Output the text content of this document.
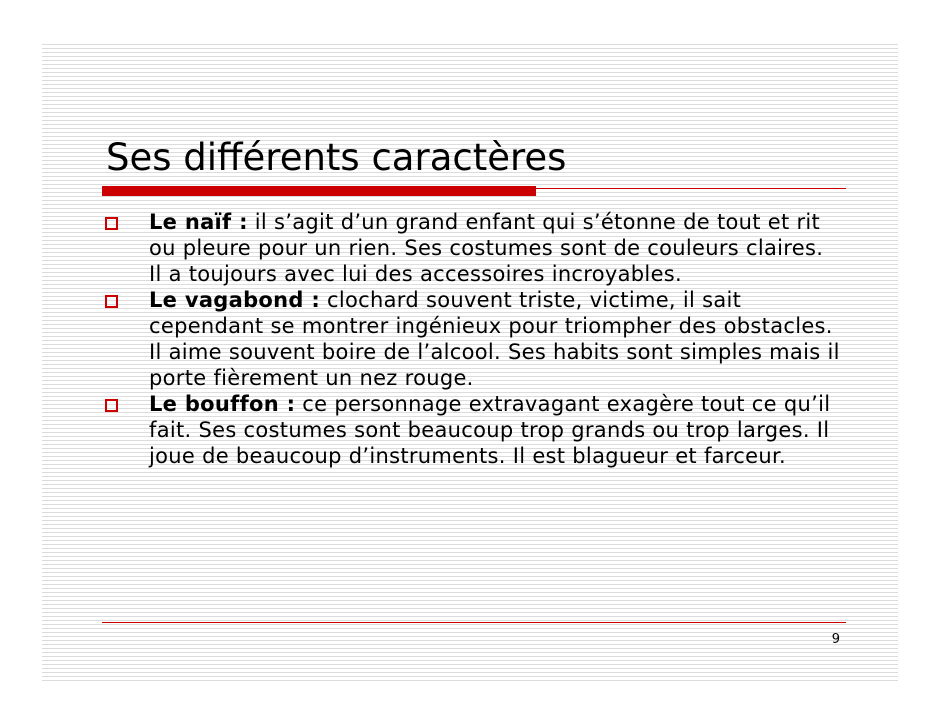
Ses différents caractères
Le naïf : il s’agit d’un grand enfant qui s’étonne de tout et rit ou pleure pour un rien. Ses costumes sont de couleurs claires. Il a toujours avec lui des accessoires incroyables.
Le vagabond : clochard souvent triste, victime, il sait cependant se montrer ingénieux pour triompher des obstacles. Il aime souvent boire de l’alcool. Ses habits sont simples mais il porte fièrement un nez rouge.
Le bouffon : ce personnage extravagant exagère tout ce qu’il fait. Ses costumes sont beaucoup trop grands ou trop larges. Il joue de beaucoup d’instruments. Il est blagueur et farceur.
9
